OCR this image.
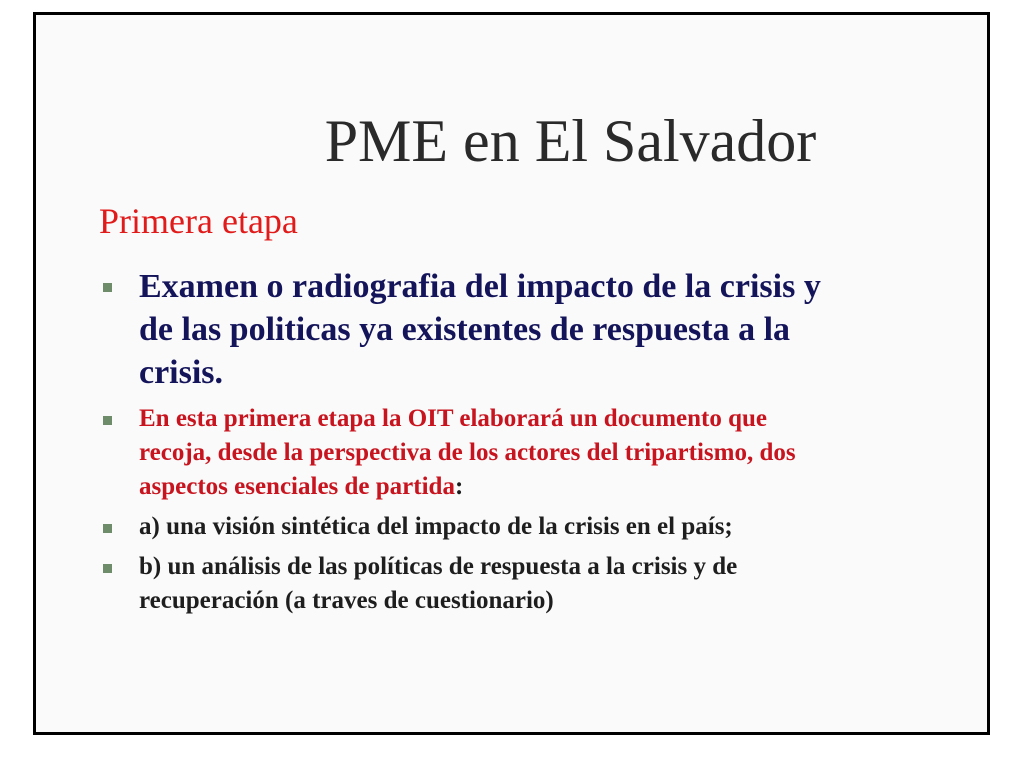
PME en El Salvador
Primera etapa
Examen o radiografia del impacto de la crisis y
de las politicas ya existentes de respuesta a la
crisis.
En esta primera etapa la OIT elaborará un documento que
recoja, desde la perspectiva de los actores del tripartismo, dos
aspectos esenciales de partida:
a) una visión sintética del impacto de la crisis en el país;
b) un análisis de las políticas de respuesta a la crisis y de
recuperación (a traves de cuestionario)
